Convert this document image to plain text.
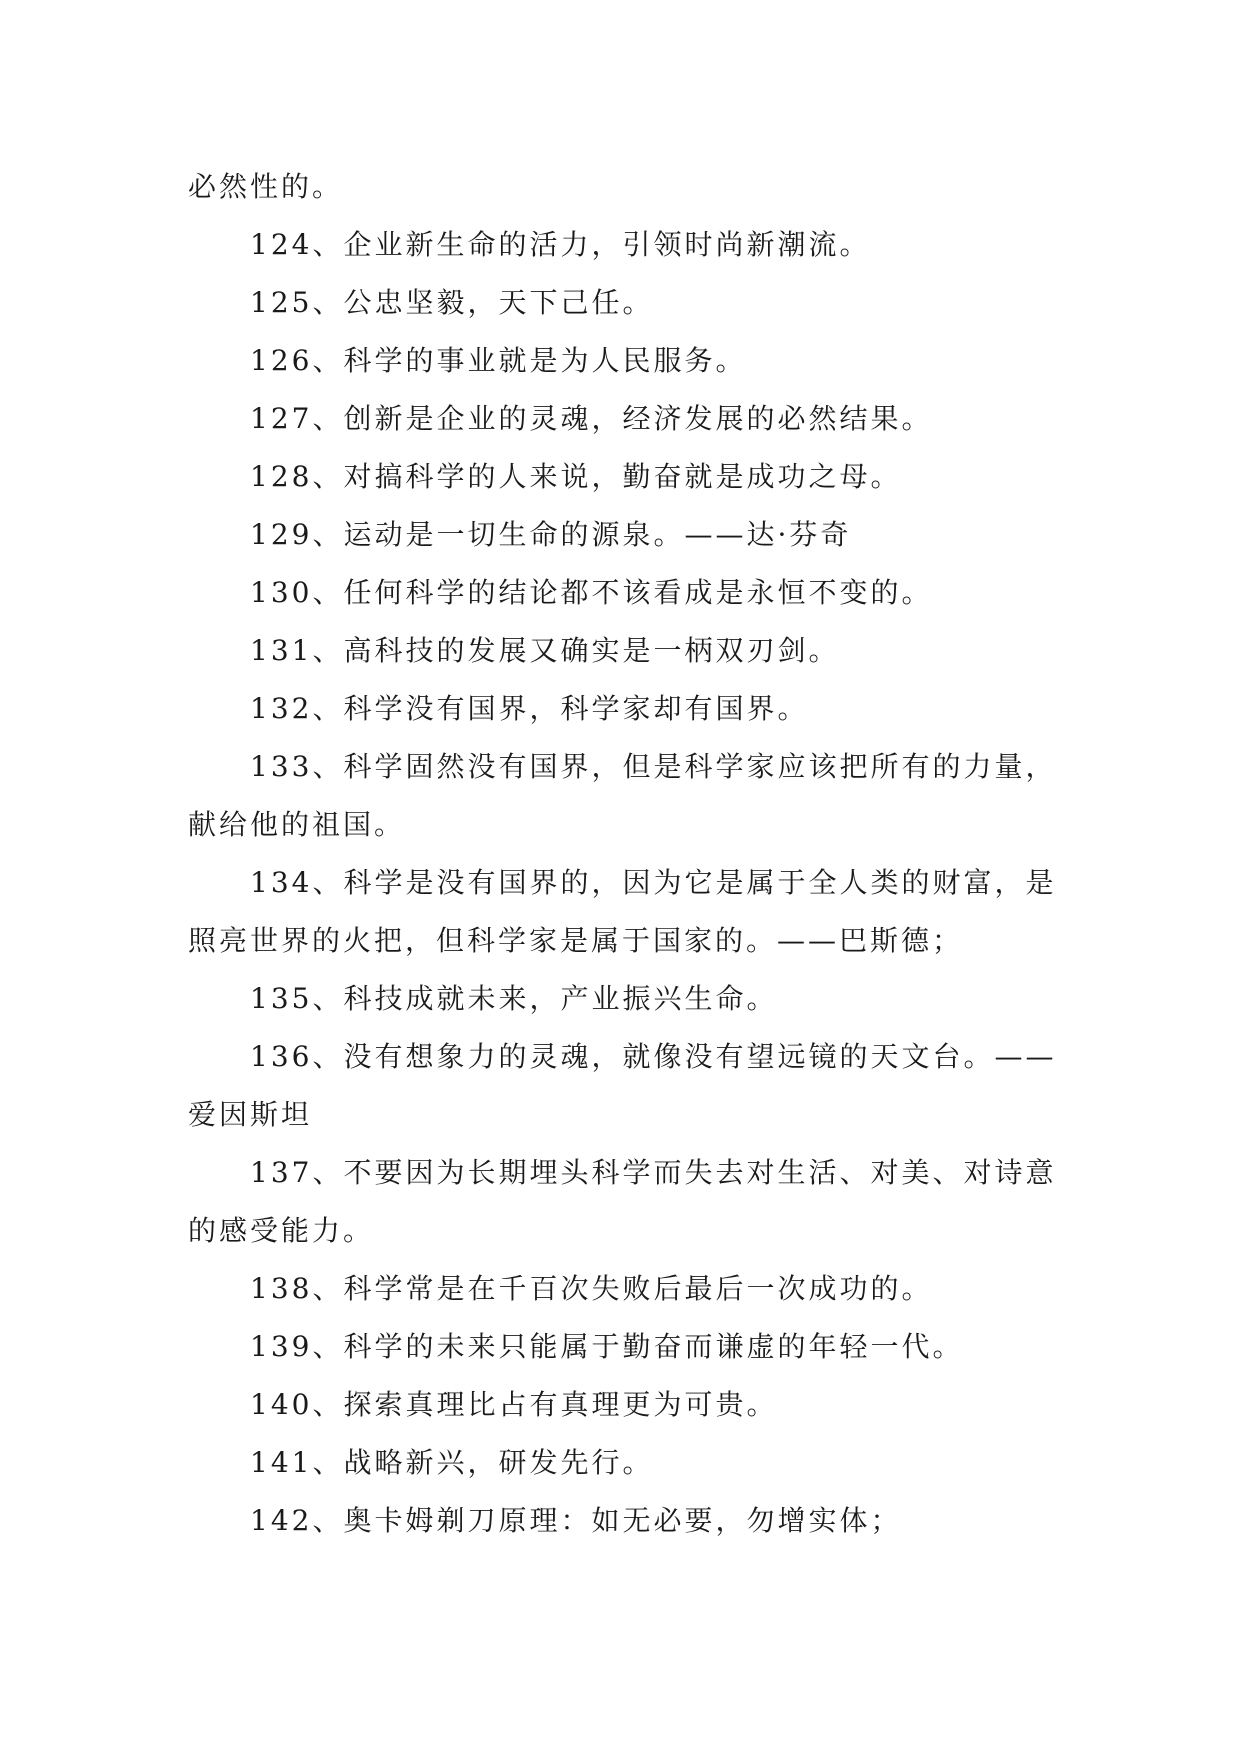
必然性的。

124、企业新生命的活力，引领时尚新潮流。

125、公忠坚毅，天下己任。

126、科学的事业就是为人民服务。

127、创新是企业的灵魂，经济发展的必然结果。

128、对搞科学的人来说，勤奋就是成功之母。

129、运动是一切生命的源泉。——达·芬奇

130、任何科学的结论都不该看成是永恒不变的。

131、高科技的发展又确实是一柄双刃剑。

132、科学没有国界，科学家却有国界。

133、科学固然没有国界，但是科学家应该把所有的力量，献给他的祖国。

134、科学是没有国界的，因为它是属于全人类的财富，是照亮世界的火把，但科学家是属于国家的。——巴斯德；

135、科技成就未来，产业振兴生命。

136、没有想象力的灵魂，就像没有望远镜的天文台。——爱因斯坦

137、不要因为长期埋头科学而失去对生活、对美、对诗意的感受能力。

138、科学常是在千百次失败后最后一次成功的。

139、科学的未来只能属于勤奋而谦虚的年轻一代。

140、探索真理比占有真理更为可贵。

141、战略新兴，研发先行。

142、奥卡姆剃刀原理：如无必要，勿增实体；
